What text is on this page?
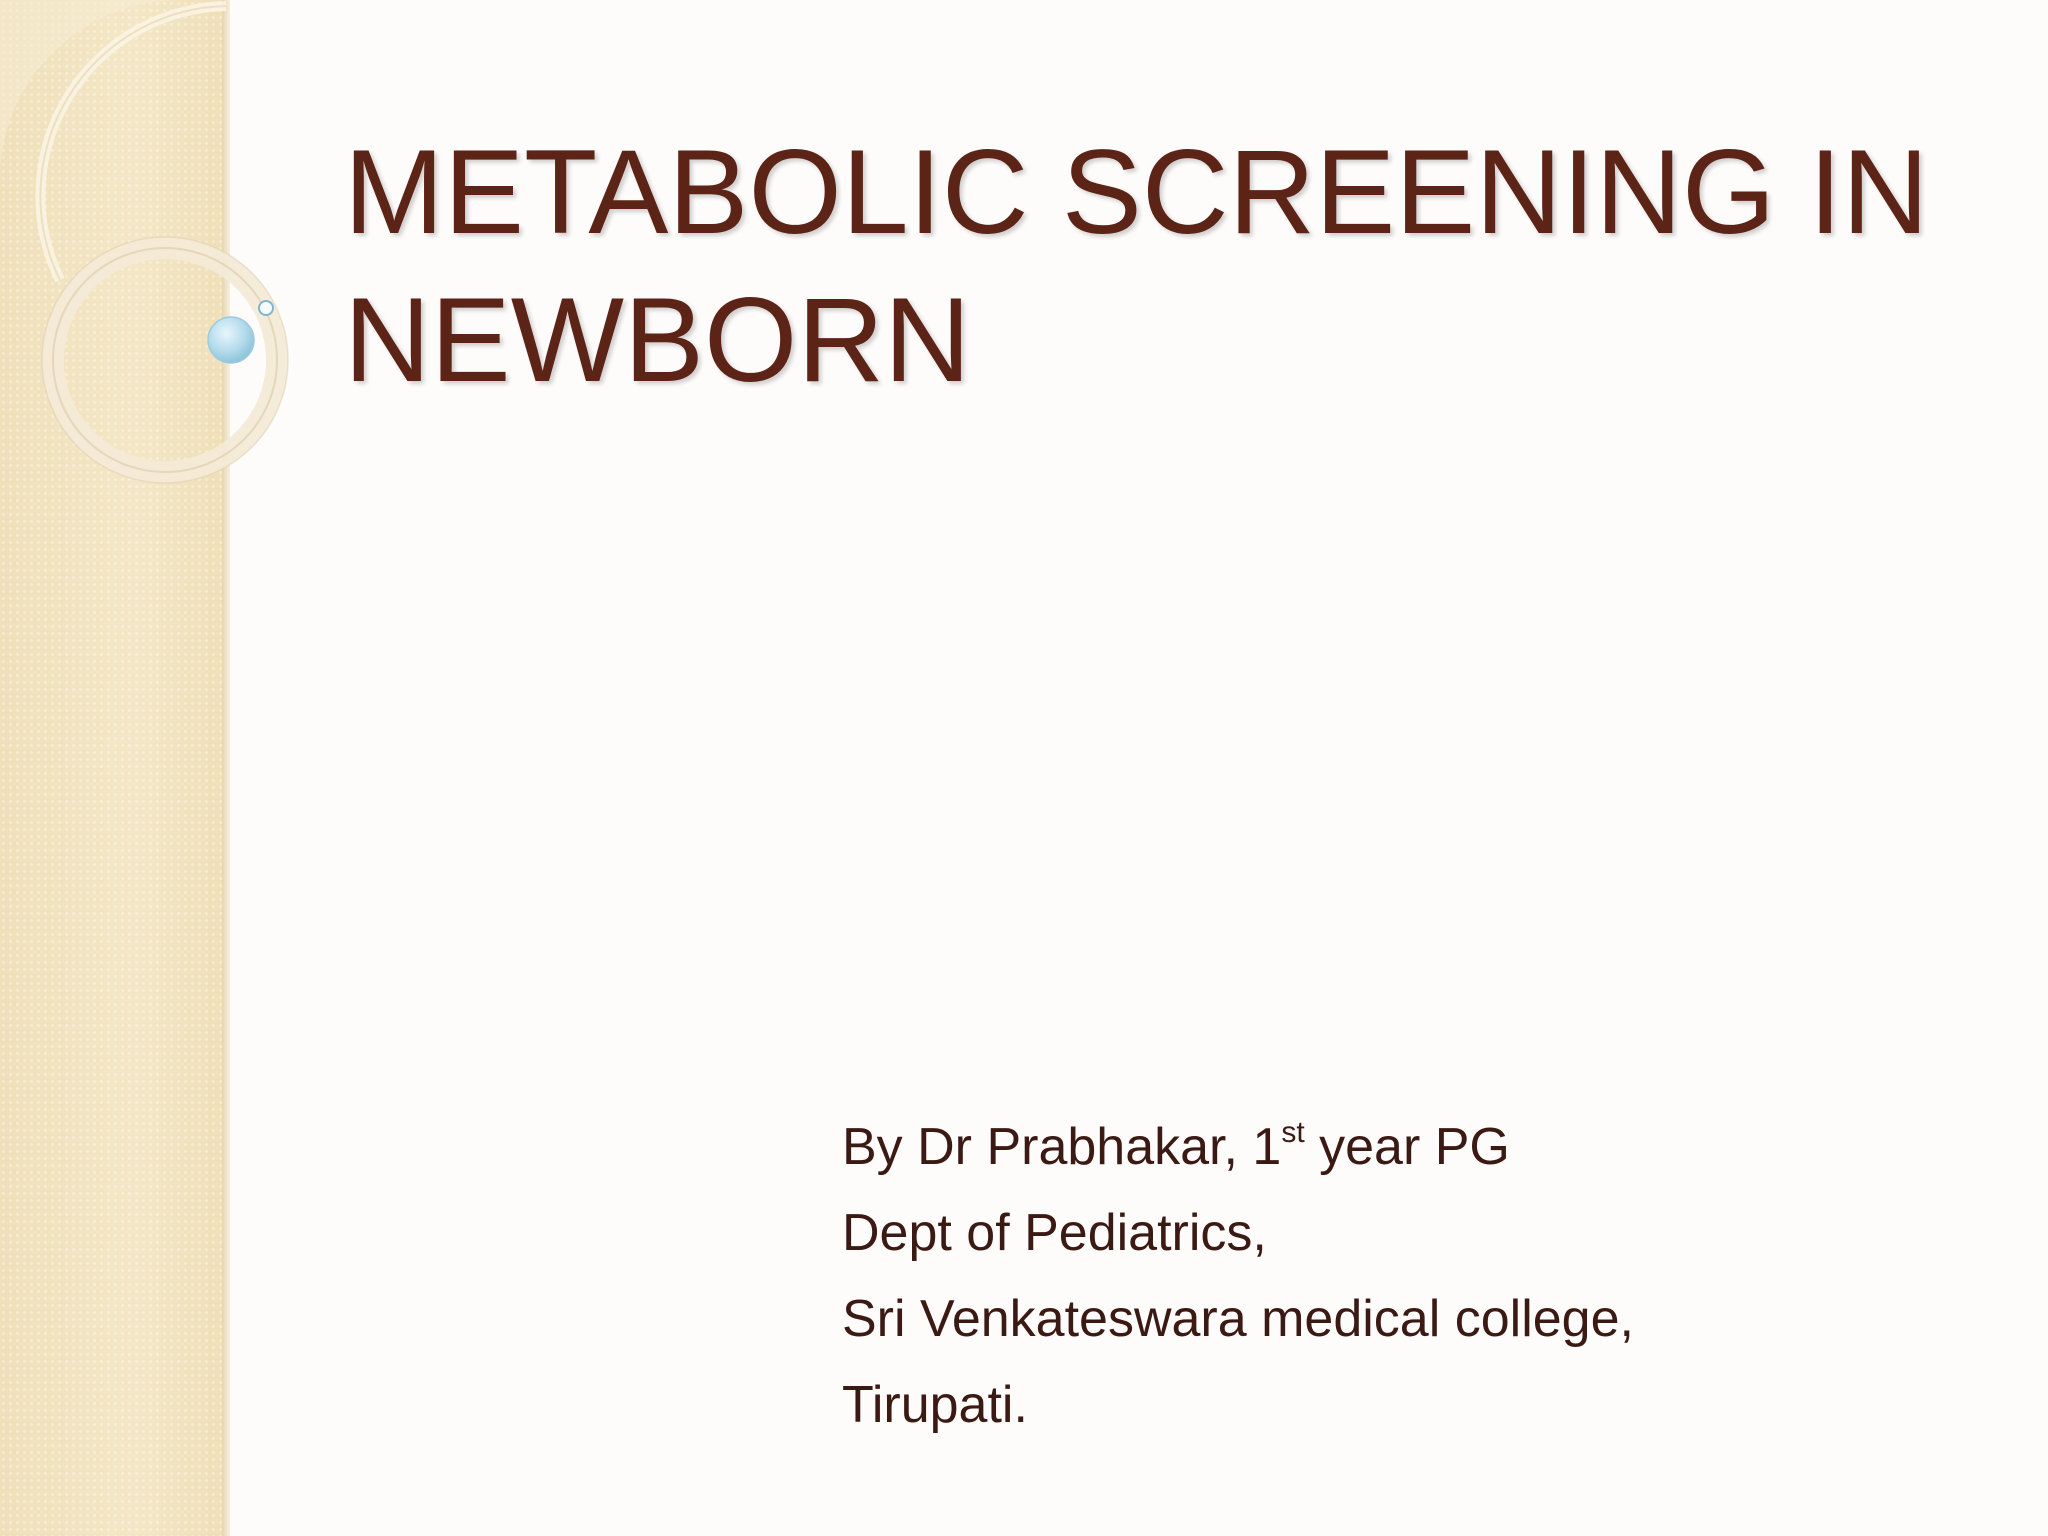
METABOLIC SCREENING IN
NEWBORN
By Dr Prabhakar, 1st year PG
Dept of Pediatrics,
Sri Venkateswara medical college,
Tirupati.
